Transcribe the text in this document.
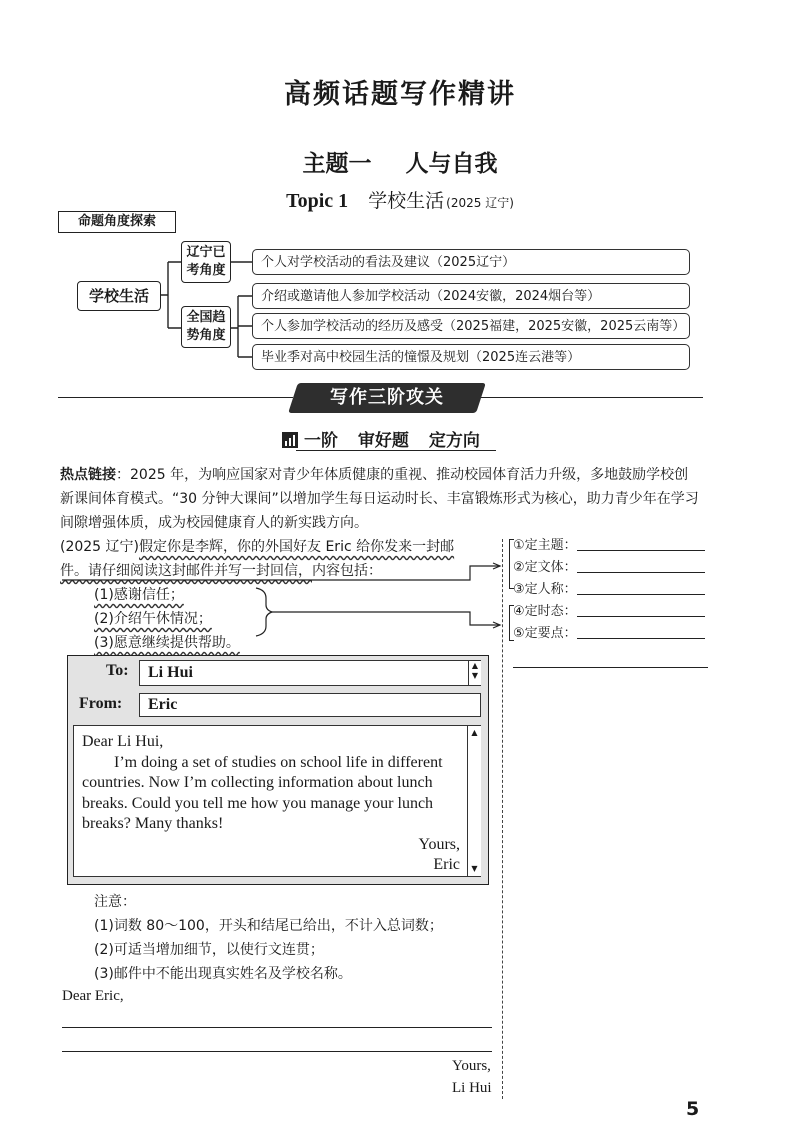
高频话题写作精讲
主题一 人与自我
Topic 1 学校生活 (2025 辽宁)
命题角度探索
学校生活
辽宁已
考角度
全国趋
势角度
个人对学校活动的看法及建议（2025辽宁）
介绍或邀请他人参加学校活动（2024安徽，2024烟台等）
个人参加学校活动的经历及感受（2025福建，2025安徽，2025云南等）
毕业季对高中校园生活的憧憬及规划（2025连云港等）
写作三阶攻关
一阶 审好题 定方向
热点链接：2025 年，为响应国家对青少年体质健康的重视、推动校园体育活力升级，多地鼓励学校创新课间体育模式。“30 分钟大课间”以增加学生每日运动时长、丰富锻炼形式为核心，助力青少年在学习间隙增强体质，成为校园健康育人的新实践方向。
(2025 辽宁)假定你是李辉，你的外国好友 Eric 给你发来一封邮
件。请仔细阅读这封邮件并写一封回信，内容包括：
(1)感谢信任；
(2)介绍午休情况；
(3)愿意继续提供帮助。
①定主题：
②定文体：
③定人称：
④定时态：
⑤定要点：
To:	Li Hui	▲
▼
From:	Eric
Dear Li Hui,
I’m doing a set of studies on school life in different
countries. Now I’m collecting information about lunch
breaks. Could you tell me how you manage your lunch
breaks? Many thanks!
Yours,
Eric
▲
▼
注意：
(1)词数 80～100，开头和结尾已给出，不计入总词数；
(2)可适当增加细节，以使行文连贯；
(3)邮件中不能出现真实姓名及学校名称。
Dear Eric,
Yours,
Li Hui
5
